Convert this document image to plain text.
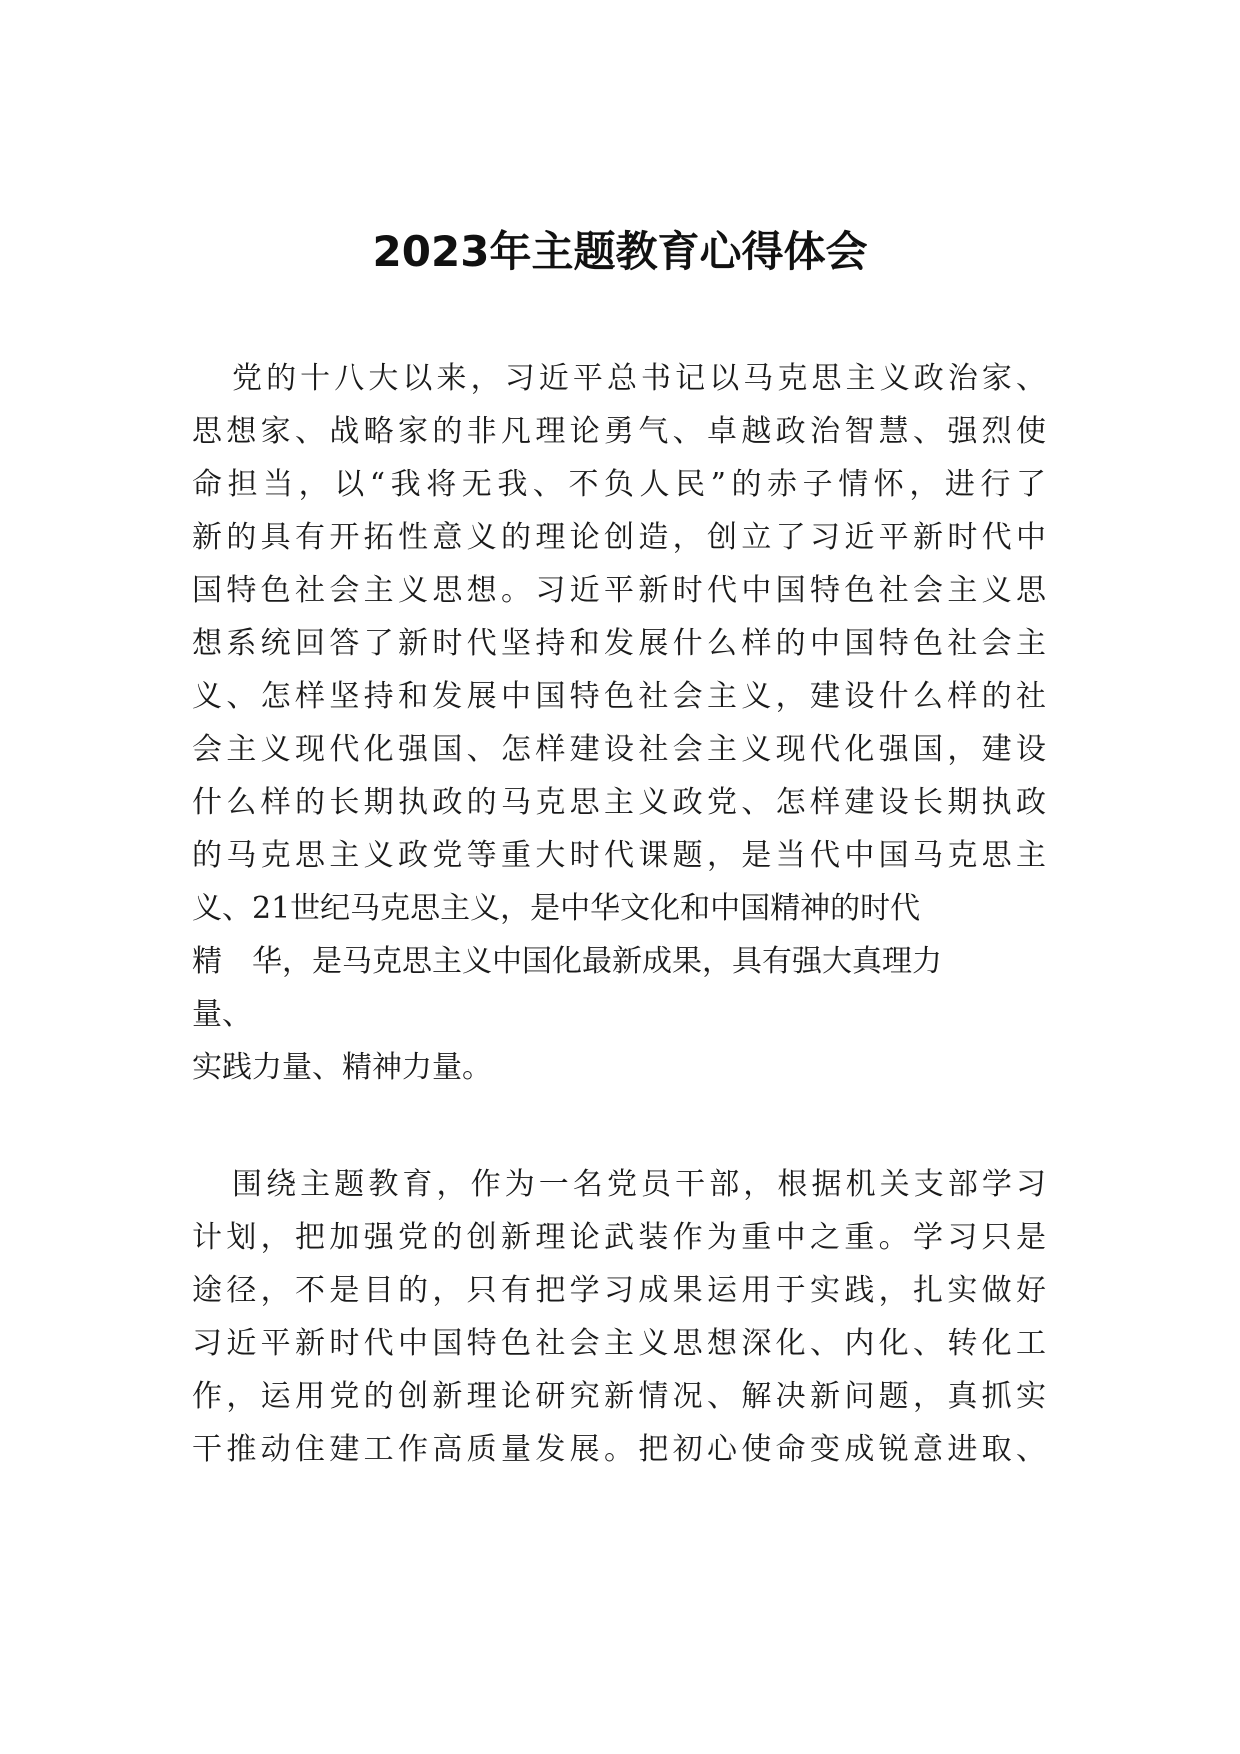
2023年主题教育心得体会
党的十八大以来，习近平总书记以马克思主义政治家、
思想家、战略家的非凡理论勇气、卓越政治智慧、强烈使
命担当，以“我将无我、不负人民”的赤子情怀，进行了
新的具有开拓性意义的理论创造，创立了习近平新时代中
国特色社会主义思想。习近平新时代中国特色社会主义思
想系统回答了新时代坚持和发展什么样的中国特色社会主
义、怎样坚持和发展中国特色社会主义，建设什么样的社
会主义现代化强国、怎样建设社会主义现代化强国，建设
什么样的长期执政的马克思主义政党、怎样建设长期执政
的马克思主义政党等重大时代课题，是当代中国马克思主
义、21世纪马克思主义，是中华文化和中国精神的时代
精　华，是马克思主义中国化最新成果，具有强大真理力
量、
实践力量、精神力量。
围绕主题教育，作为一名党员干部，根据机关支部学习
计划，把加强党的创新理论武装作为重中之重。学习只是
途径，不是目的，只有把学习成果运用于实践，扎实做好
习近平新时代中国特色社会主义思想深化、内化、转化工
作，运用党的创新理论研究新情况、解决新问题，真抓实
干推动住建工作高质量发展。把初心使命变成锐意进取、
